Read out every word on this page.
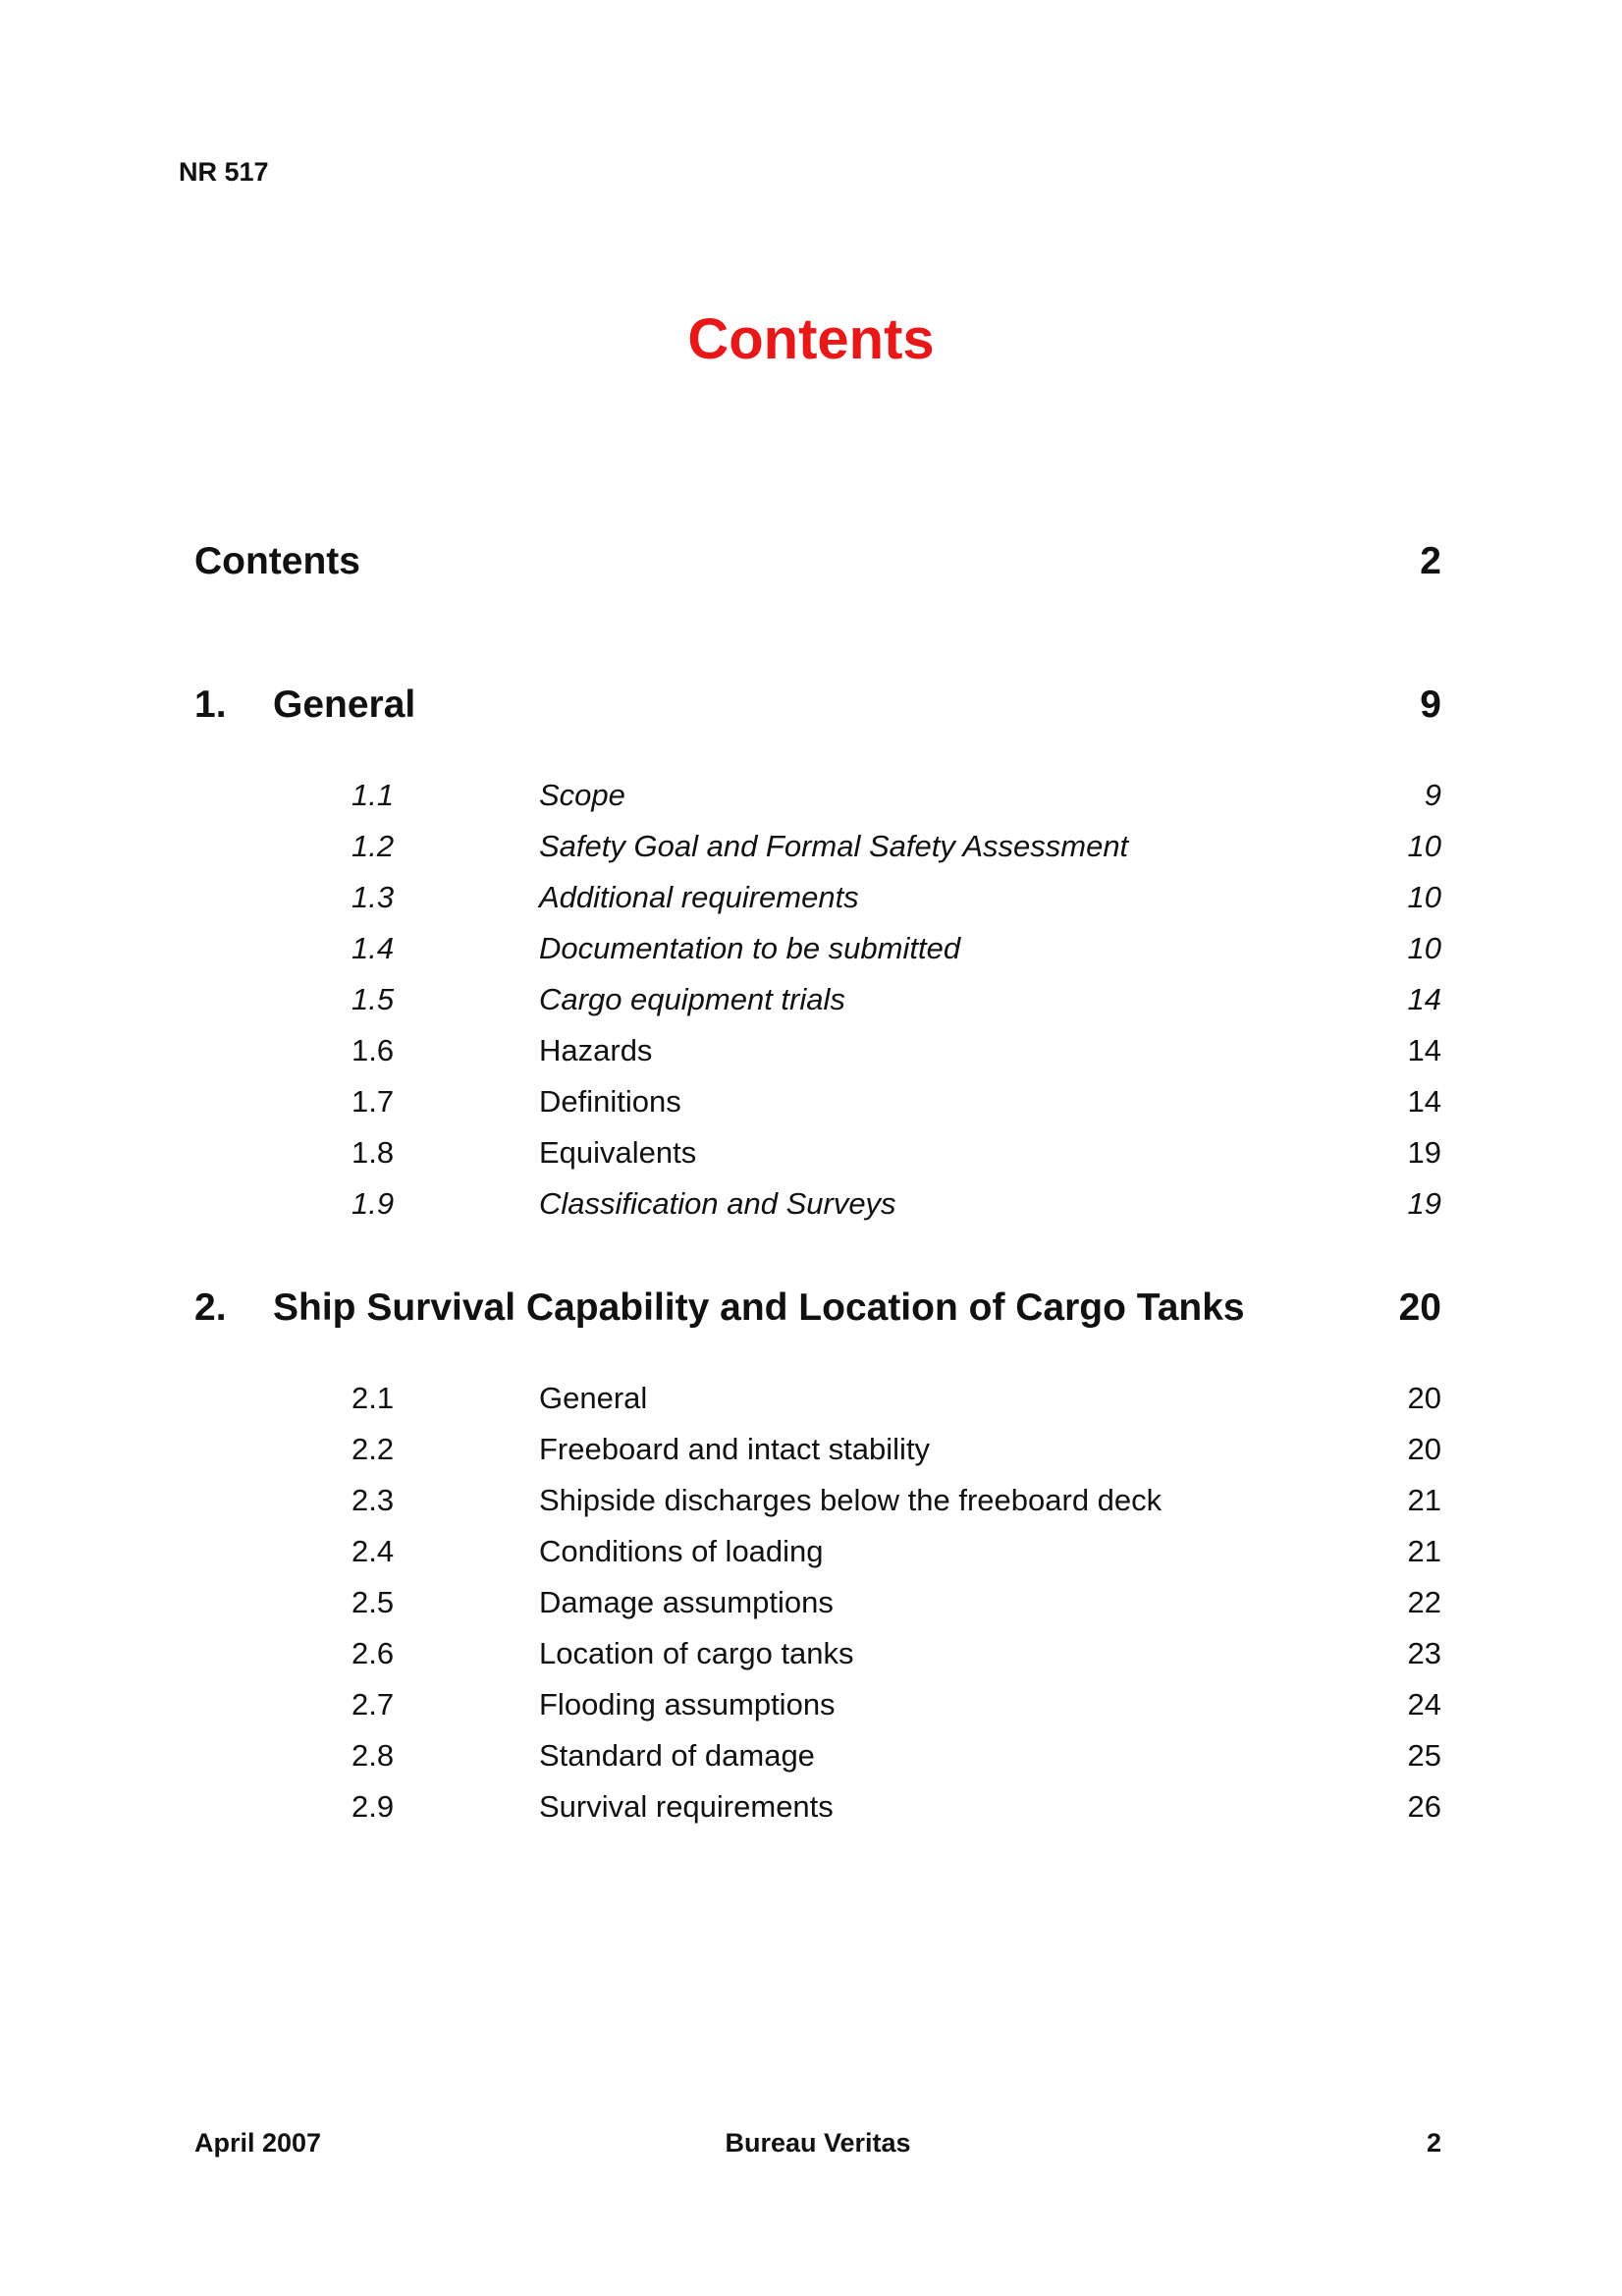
NR 517
Contents
Contents	2
1. General	9
1.1	Scope	9
1.2	Safety Goal and Formal Safety Assessment	10
1.3	Additional requirements	10
1.4	Documentation to be submitted	10
1.5	Cargo equipment trials	14
1.6	Hazards	14
1.7	Definitions	14
1.8	Equivalents	19
1.9	Classification and Surveys	19
2. Ship Survival Capability and Location of Cargo Tanks	20
2.1	General	20
2.2	Freeboard and intact stability	20
2.3	Shipside discharges below the freeboard deck	21
2.4	Conditions of loading	21
2.5	Damage assumptions	22
2.6	Location of cargo tanks	23
2.7	Flooding assumptions	24
2.8	Standard of damage	25
2.9	Survival requirements	26
April 2007	Bureau Veritas	2
